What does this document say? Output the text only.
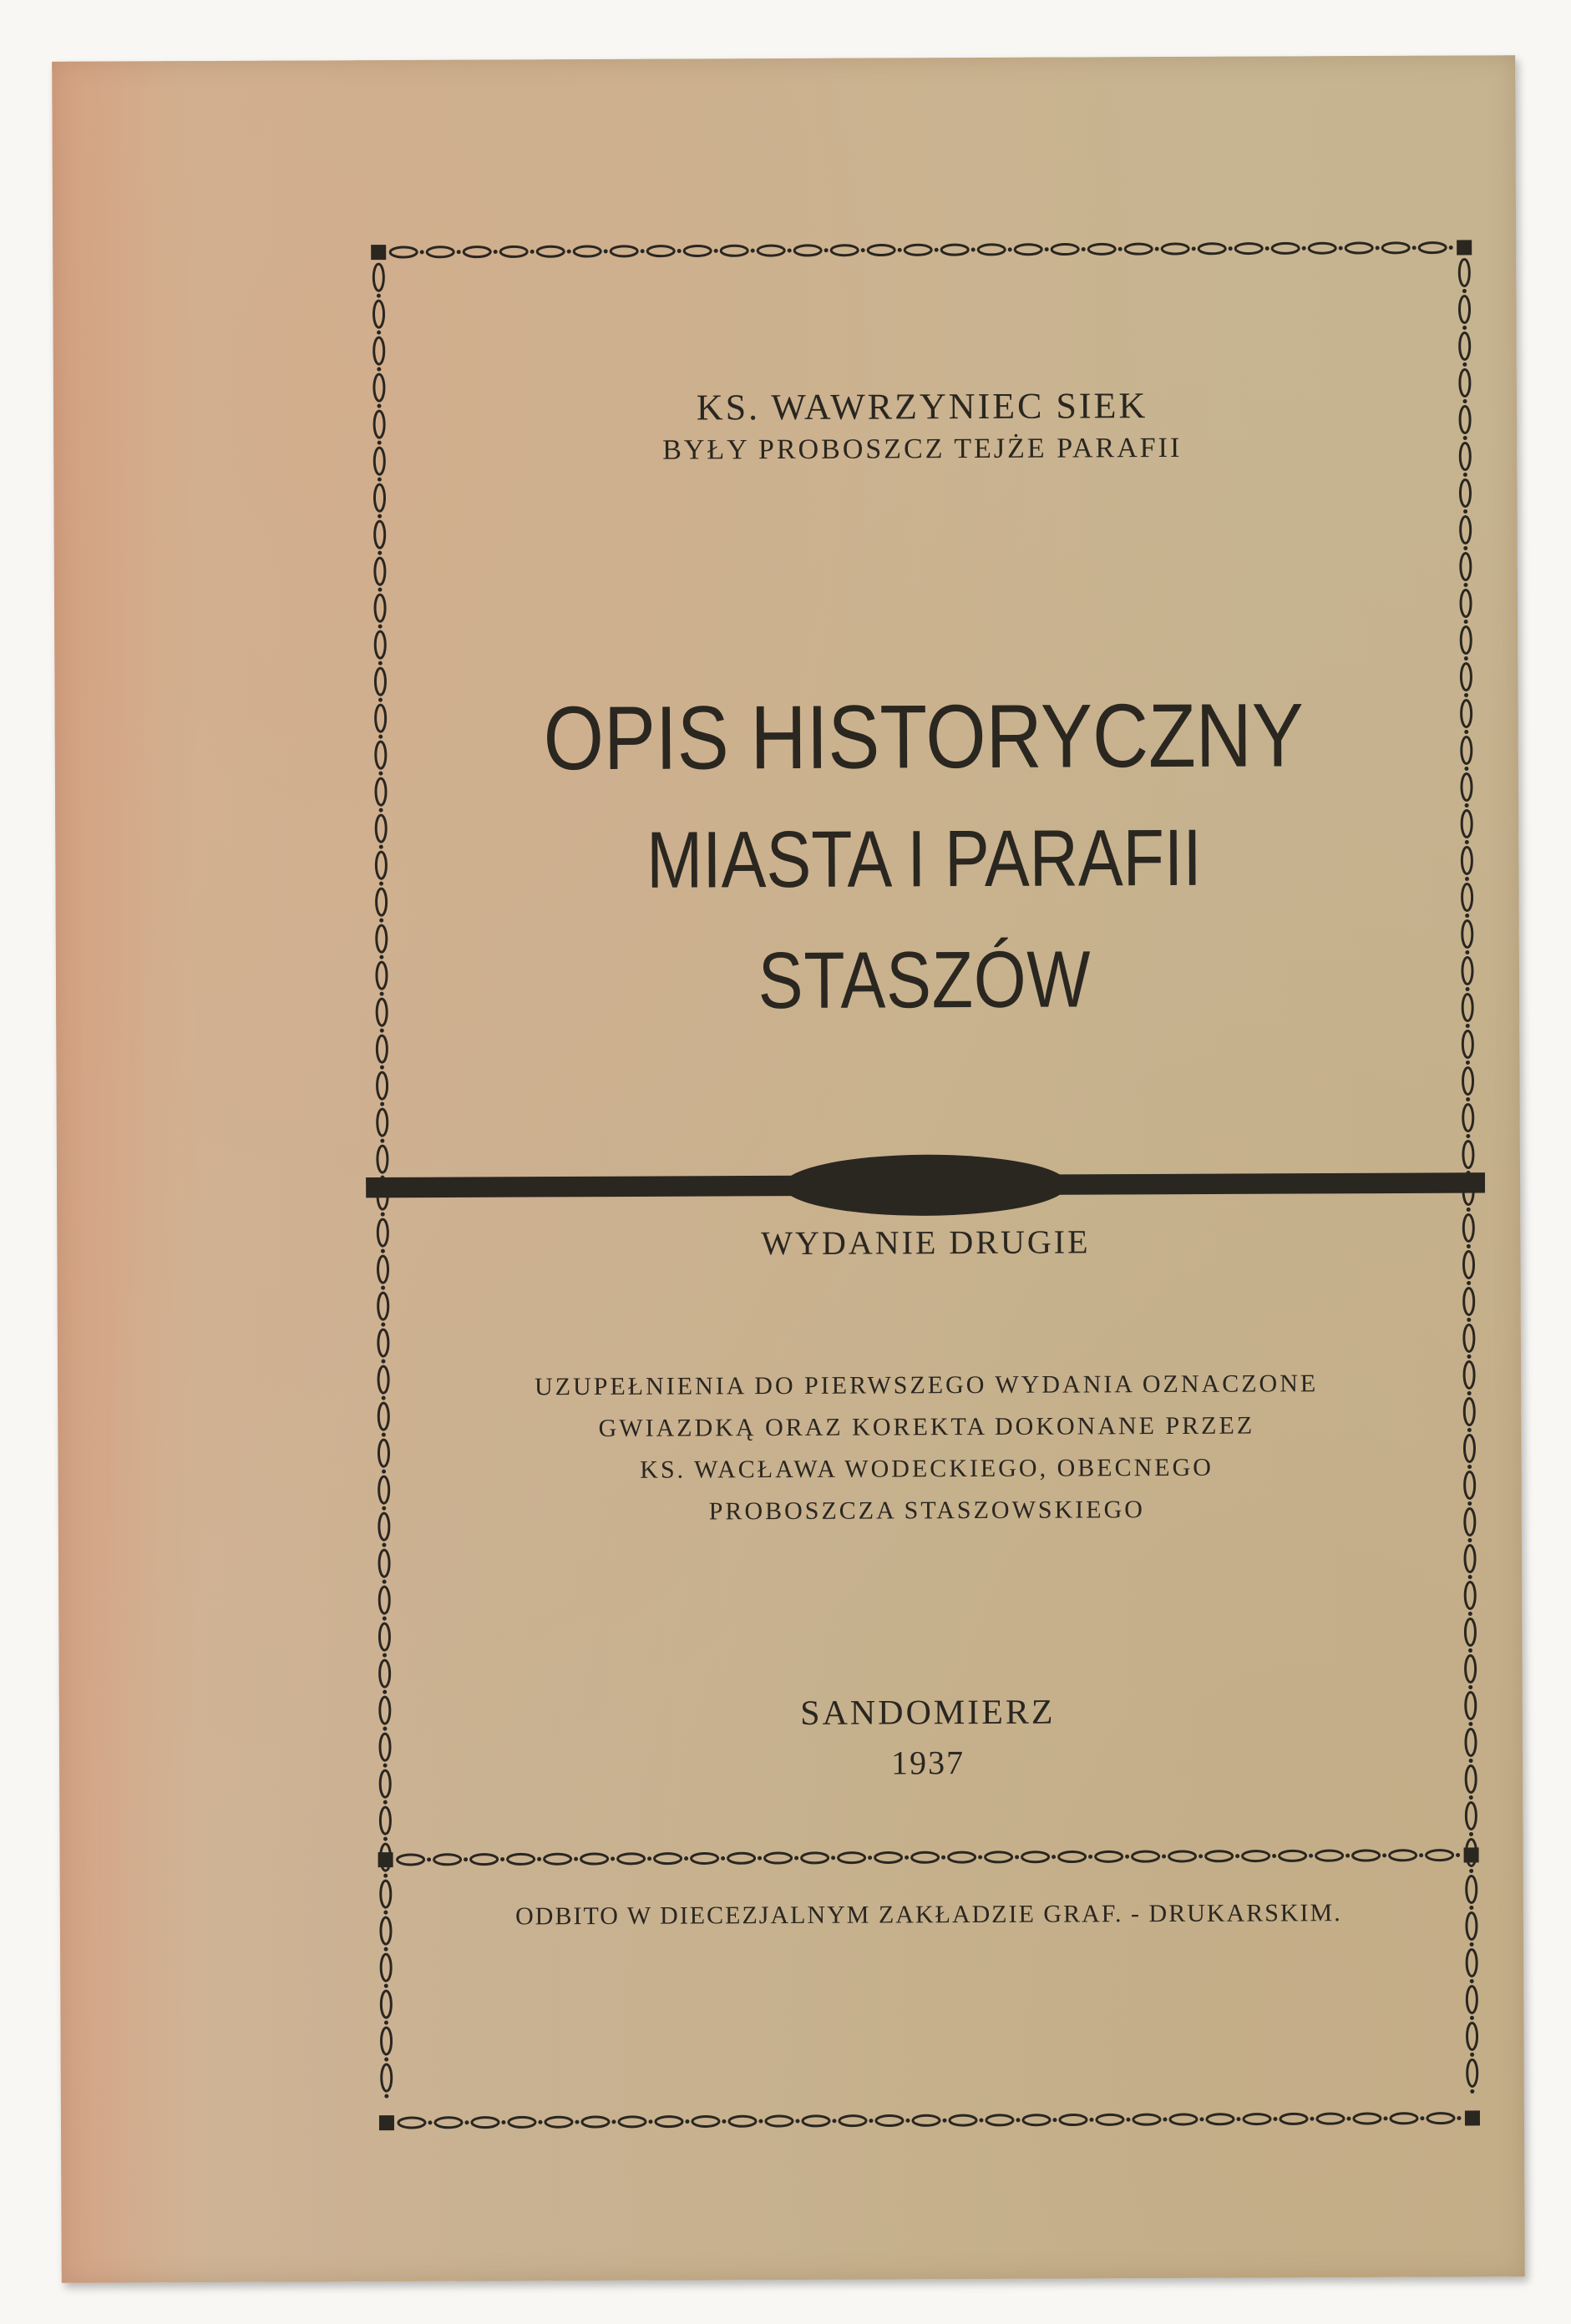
KS. WAWRZYNIEC SIEK
BYŁY PROBOSZCZ TEJŻE PARAFII
OPIS HISTORYCZNY
MIASTA I PARAFII
STASZÓW
WYDANIE DRUGIE
UZUPEŁNIENIA DO PIERWSZEGO WYDANIA OZNACZONE
GWIAZDKĄ ORAZ KOREKTA DOKONANE PRZEZ
KS. WACŁAWA WODECKIEGO, OBECNEGO
PROBOSZCZA STASZOWSKIEGO
SANDOMIERZ
1937
ODBITO W DIECEZJALNYM ZAKŁADZIE GRAF. - DRUKARSKIM.
